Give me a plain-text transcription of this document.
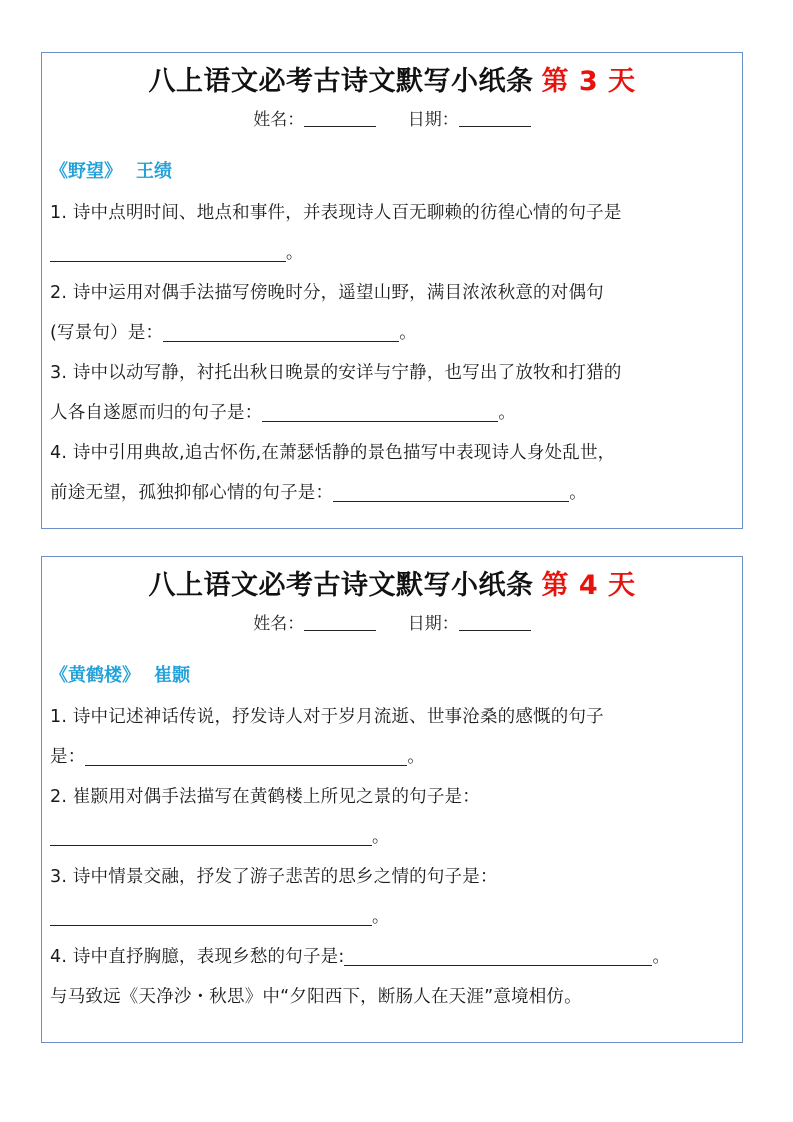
八上语文必考古诗文默写小纸条 第 3 天
姓名：	日期：
《野望》 王绩
1. 诗中点明时间、地点和事件，并表现诗人百无聊赖的彷徨心情的句子是
。
2. 诗中运用对偶手法描写傍晚时分，遥望山野，满目浓浓秋意的对偶句
(写景句）是：	。
3. 诗中以动写静，衬托出秋日晚景的安详与宁静，也写出了放牧和打猎的
人各自遂愿而归的句子是：	。
4. 诗中引用典故,追古怀伤,在萧瑟恬静的景色描写中表现诗人身处乱世，
前途无望，孤独抑郁心情的句子是：	。
八上语文必考古诗文默写小纸条 第 4 天
姓名：	日期：
《黄鹤楼》 崔颢
1. 诗中记述神话传说，抒发诗人对于岁月流逝、世事沧桑的感慨的句子
是：	。
2. 崔颢用对偶手法描写在黄鹤楼上所见之景的句子是：
。
3. 诗中情景交融，抒发了游子悲苦的思乡之情的句子是：
。
4. 诗中直抒胸臆，表现乡愁的句子是:	。
与马致远《天净沙・秋思》中“夕阳西下，断肠人在天涯”意境相仿。
